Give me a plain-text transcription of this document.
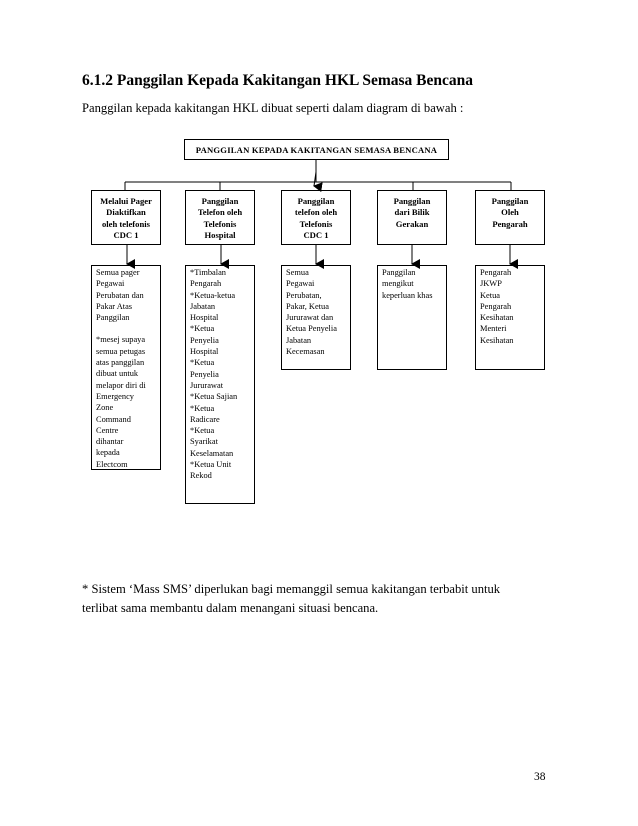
6.1.2 Panggilan Kepada Kakitangan HKL Semasa Bencana
Panggilan kepada kakitangan HKL dibuat seperti dalam diagram di bawah :
PANGGILAN KEPADA KAKITANGAN SEMASA BENCANA
Melalui Pager
Diaktifkan
oleh telefonis
CDC 1
Panggilan
Telefon oleh
Telefonis
Hospital
Panggilan
telefon oleh
Telefonis
CDC 1
Panggilan
dari Bilik
Gerakan
Panggilan
Oleh
Pengarah
Semua pager
Pegawai
Perubatan dan
Pakar Atas
Panggilan
*mesej supaya
semua petugas
atas panggilan
dibuat untuk
melapor diri di
Emergency
Zone
Command
Centre
dihantar
kepada
Electcom
*Timbalan
Pengarah
*Ketua-ketua
Jabatan
Hospital
*Ketua
Penyelia
Hospital
*Ketua
Penyelia
Jururawat
*Ketua Sajian
*Ketua
Radicare
*Ketua
Syarikat
Keselamatan
*Ketua Unit
Rekod
Semua
Pegawai
Perubatan,
Pakar, Ketua
Jururawat dan
Ketua Penyelia
Jabatan
Kecemasan
Panggilan
mengikut
keperluan khas
Pengarah
JKWP
Ketua
Pengarah
Kesihatan
Menteri
Kesihatan
* Sistem ‘Mass SMS’ diperlukan bagi memanggil semua kakitangan terbabit untuk
terlibat sama membantu dalam menangani situasi bencana.
38
